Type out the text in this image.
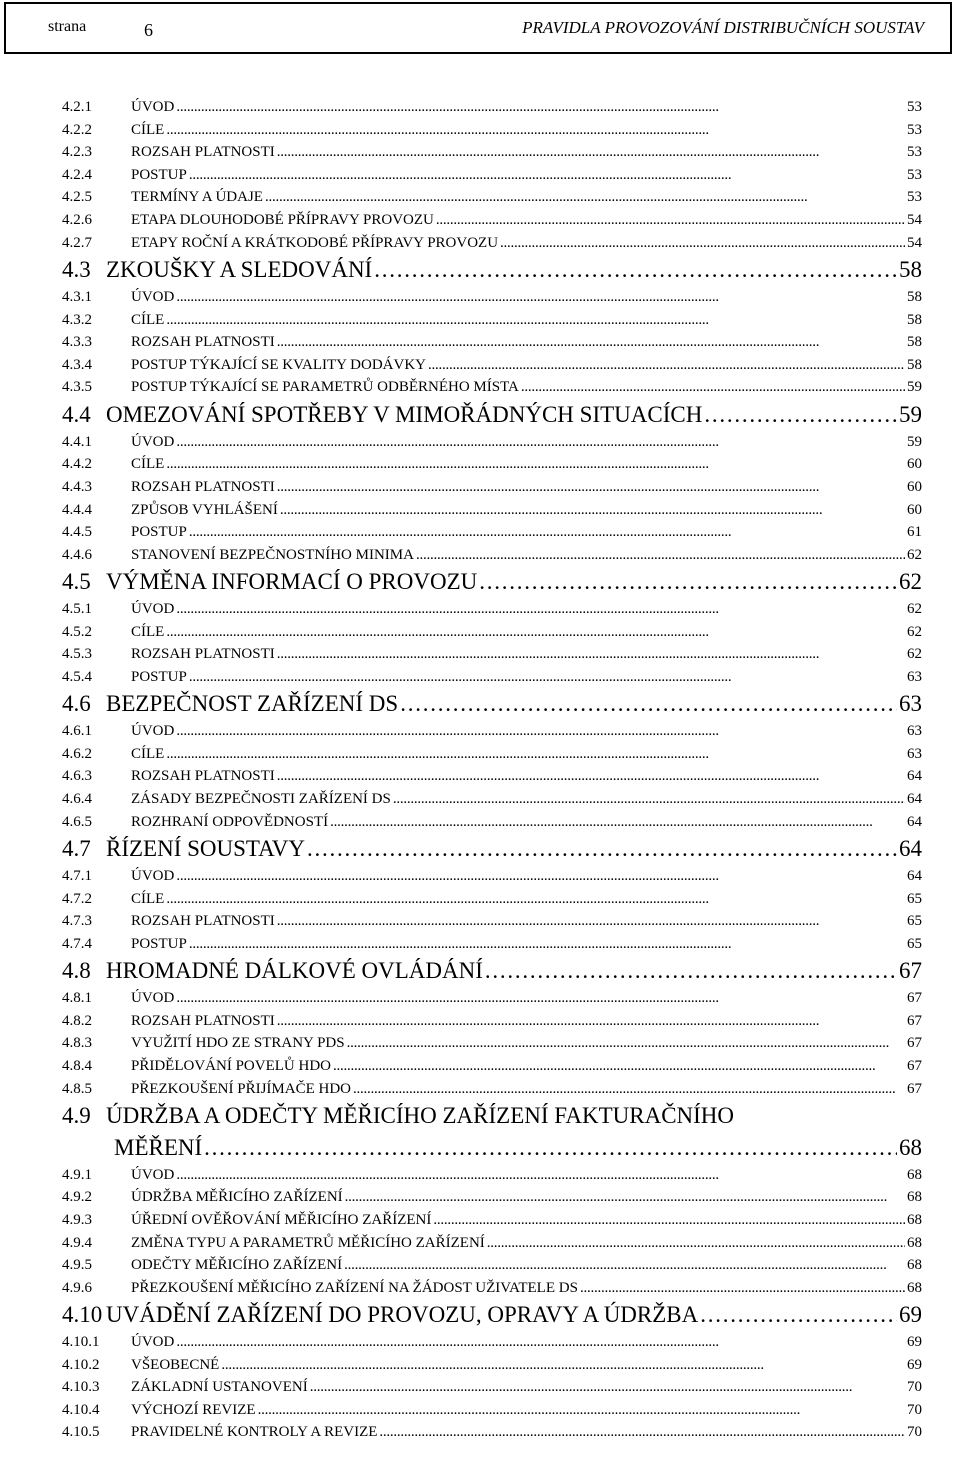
strana	6	PRAVIDLA PROVOZOVÁNÍ DISTRIBUČNÍCH SOUSTAV
4.2.1	ÚVOD . . .	53
4.2.2	CÍLE . . .	53
4.2.3	ROZSAH PLATNOSTI . . .	53
4.2.4	POSTUP . . .	53
4.2.5	TERMÍNY A ÚDAJE . . .	53
4.2.6	ETAPA DLOUHODOBÉ PŘÍPRAVY PROVOZU . . .	54
4.2.7	ETAPY ROČNÍ A KRÁTKODOBÉ PŘÍPRAVY PROVOZU . . .	54
4.3 ZKOUŠKY A SLEDOVÁNÍ . . .	58
4.3.1	ÚVOD . . .	58
4.3.2	CÍLE . . .	58
4.3.3	ROZSAH PLATNOSTI . . .	58
4.3.4	POSTUP TÝKAJÍCÍ SE KVALITY DODÁVKY . . .	58
4.3.5	POSTUP TÝKAJÍCÍ SE PARAMETRŮ ODBĚRNÉHO MÍSTA . . .	59
4.4 OMEZOVÁNÍ SPOTŘEBY V MIMOŘÁDNÝCH SITUACÍCH . . .	59
4.4.1	ÚVOD . . .	59
4.4.2	CÍLE . . .	60
4.4.3	ROZSAH PLATNOSTI . . .	60
4.4.4	ZPŮSOB VYHLÁŠENÍ . . .	60
4.4.5	POSTUP . . .	61
4.4.6	STANOVENÍ BEZPEČNOSTNÍHO MINIMA . . .	62
4.5 VÝMĚNA INFORMACÍ O PROVOZU . . .	62
4.5.1	ÚVOD . . .	62
4.5.2	CÍLE . . .	62
4.5.3	ROZSAH PLATNOSTI . . .	62
4.5.4	POSTUP . . .	63
4.6 BEZPEČNOST ZAŘÍZENÍ DS . . .	63
4.6.1	ÚVOD . . .	63
4.6.2	CÍLE . . .	63
4.6.3	ROZSAH PLATNOSTI . . .	64
4.6.4	ZÁSADY BEZPEČNOSTI ZAŘÍZENÍ DS . . .	64
4.6.5	ROZHRANÍ ODPOVĚDNOSTÍ . . .	64
4.7 ŘÍZENÍ SOUSTAVY . . .	64
4.7.1	ÚVOD . . .	64
4.7.2	CÍLE . . .	65
4.7.3	ROZSAH PLATNOSTI . . .	65
4.7.4	POSTUP . . .	65
4.8 HROMADNÉ DÁLKOVÉ OVLÁDÁNÍ . . .	67
4.8.1	ÚVOD . . .	67
4.8.2	ROZSAH PLATNOSTI . . .	67
4.8.3	VYUŽITÍ HDO ZE STRANY PDS . . .	67
4.8.4	PŘIDĚLOVÁNÍ POVELŮ HDO . . .	67
4.8.5	PŘEZKOUŠENÍ PŘIJÍMAČE HDO . . .	67
4.9 ÚDRŽBA A ODEČTY MĚŘICÍHO ZAŘÍZENÍ FAKTURAČNÍHO
MĚŘENÍ . . .	68
4.9.1	ÚVOD . . .	68
4.9.2	ÚDRŽBA MĚŘICÍHO ZAŘÍZENÍ . . .	68
4.9.3	ÚŘEDNÍ OVĚŘOVÁNÍ MĚŘICÍHO ZAŘÍZENÍ . . .	68
4.9.4	ZMĚNA TYPU A PARAMETRŮ MĚŘICÍHO ZAŘÍZENÍ . . .	68
4.9.5	ODEČTY MĚŘICÍHO ZAŘÍZENÍ . . .	68
4.9.6	PŘEZKOUŠENÍ MĚŘICÍHO ZAŘÍZENÍ NA ŽÁDOST UŽIVATELE DS . . .	68
4.10 UVÁDĚNÍ ZAŘÍZENÍ DO PROVOZU, OPRAVY A ÚDRŽBA . . .	69
4.10.1 ÚVOD . . .	69
4.10.2 VŠEOBECNÉ . . .	69
4.10.3 ZÁKLADNÍ USTANOVENÍ . . .	70
4.10.4 VÝCHOZÍ REVIZE . . .	70
4.10.5 PRAVIDELNÉ KONTROLY A REVIZE . . .	70
